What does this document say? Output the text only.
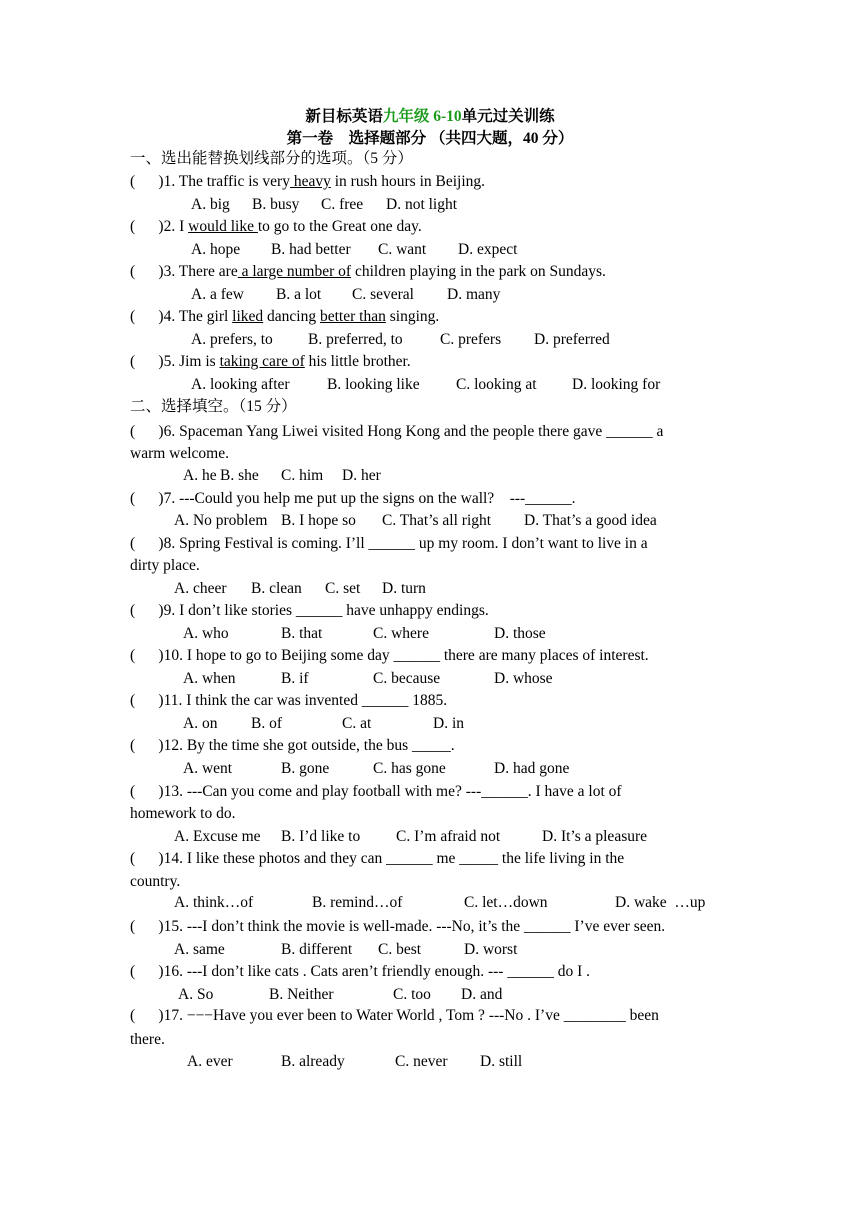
新目标英语九年级 6-10单元过关训练
第一卷　选择题部分 （共四大题，40 分）
一、选出能替换划线部分的选项。（5 分）
(      )1. The traffic is very heavy in rush hours in Beijing.
A. big B. busy C. free D. not light
(      )2. I would like to go to the Great one day.
A. hope B. had better C. want D. expect
(      )3. There are a large number of children playing in the park on Sundays.
A. a few B. a lot C. several D. many
(      )4. The girl liked dancing better than singing.
A. prefers, to B. preferred, to C. prefers D. preferred
(      )5. Jim is taking care of his little brother.
A. looking after B. looking like C. looking at D. looking for
二、选择填空。（15 分）
(      )6. Spaceman Yang Liwei visited Hong Kong and the people there gave ______ a
warm welcome.
A. he B. she C. him D. her
(      )7. ---Could you help me put up the signs on the wall?    ---______.
A. No problem B. I hope so C. That’s all right D. That’s a good idea
(      )8. Spring Festival is coming. I’ll ______ up my room. I don’t want to live in a
dirty place.
A. cheer B. clean C. set D. turn
(      )9. I don’t like stories ______ have unhappy endings.
A. who	B. that	C. where	D. those
(      )10. I hope to go to Beijing some day ______ there are many places of interest.
A. when	B. if	C. because	D. whose
(      )11. I think the car was invented ______ 1885.
A. on B. of	C. at	D. in
(      )12. By the time she got outside, the bus _____.
A. went	B. gone	C. has gone	D. had gone
(      )13. ---Can you come and play football with me? ---______. I have a lot of
homework to do.
A. Excuse me B. I’d like to C. I’m afraid not	D. It’s a pleasure
(      )14. I like these photos and they can ______ me _____ the life living in the
country.
A. think…of	B. remind…of	C. let…down	D. wake  …up
(      )15. ---I don’t think the movie is well-made. ---No, it’s the ______ I’ve ever seen.
A. same	B. different C. best	D. worst
(      )16. ---I don’t like cats . Cats aren’t friendly enough. --- ______ do I .
A. So	B. Neither	C. too D. and
(      )17. −−−Have you ever been to Water World , Tom ? ---No . I’ve ________ been
there.
A. ever	B. already	C. never D. still
